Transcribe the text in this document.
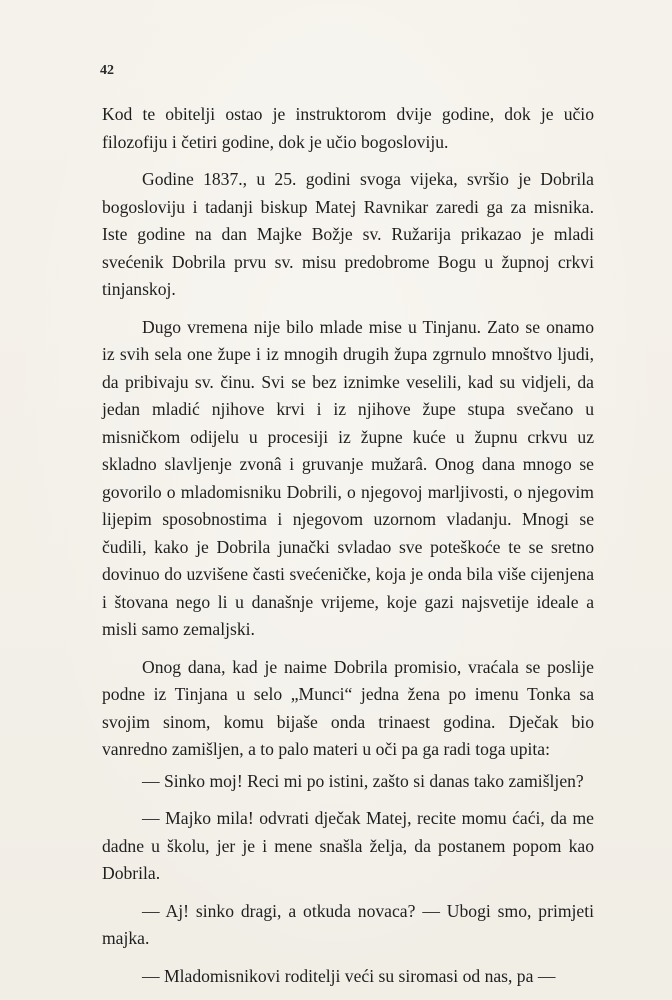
42

Kod te obitelji ostao je instruktorom dvije godine, dok je učio filozofiju i četiri godine, dok je učio bogosloviju.

Godine 1837., u 25. godini svoga vijeka, svršio je Dobrila bogosloviju i tadanji biskup Matej Ravnikar zaredi ga za misnika. Iste godine na dan Majke Božje sv. Ružarija prikazao je mladi svećenik Dobrila prvu sv. misu predobrome Bogu u župnoj crkvi tinjanskoj.

Dugo vremena nije bilo mlade mise u Tinjanu. Zato se onamo iz svih sela one župe i iz mnogih drugih župa zgrnulo mnoštvo ljudi, da pribivaju sv. činu. Svi se bez iznimke veselili, kad su vidjeli, da jedan mladić njihove krvi i iz njihove župe stupa svečano u misničkom odijelu u procesiji iz župne kuće u župnu crkvu uz skladno slavljenje zvonâ i gruvanje mužarâ. Onog dana mnogo se govorilo o mladomisniku Dobrili, o njegovoj marljivosti, o njegovim lijepim sposobnostima i njegovom uzornom vladanju. Mnogi se čudili, kako je Dobrila junački svladao sve poteškoće te se sretno dovinuo do uzvišene časti svećeničke, koja je onda bila više cijenjena i štovana nego li u današnje vrijeme, koje gazi najsvetije ideale a misli samo zemaljski.

Onog dana, kad je naime Dobrila promisio, vraćala se poslije podne iz Tinjana u selo „Munci“ jedna žena po imenu Tonka sa svojim sinom, komu bijaše onda trinaest godina. Dječak bio vanredno zamišljen, a to palo materi u oči pa ga radi toga upita:

— Sinko moj! Reci mi po istini, zašto si danas tako zamišljen?

— Majko mila! odvrati dječak Matej, recite momu ćaći, da me dadne u školu, jer je i mene snašla želja, da postanem popom kao Dobrila.

— Aj! sinko dragi, a otkuda novaca? — Ubogi smo, primjeti majka.

— Mladomisnikovi roditelji veći su siromasi od nas, pa —
